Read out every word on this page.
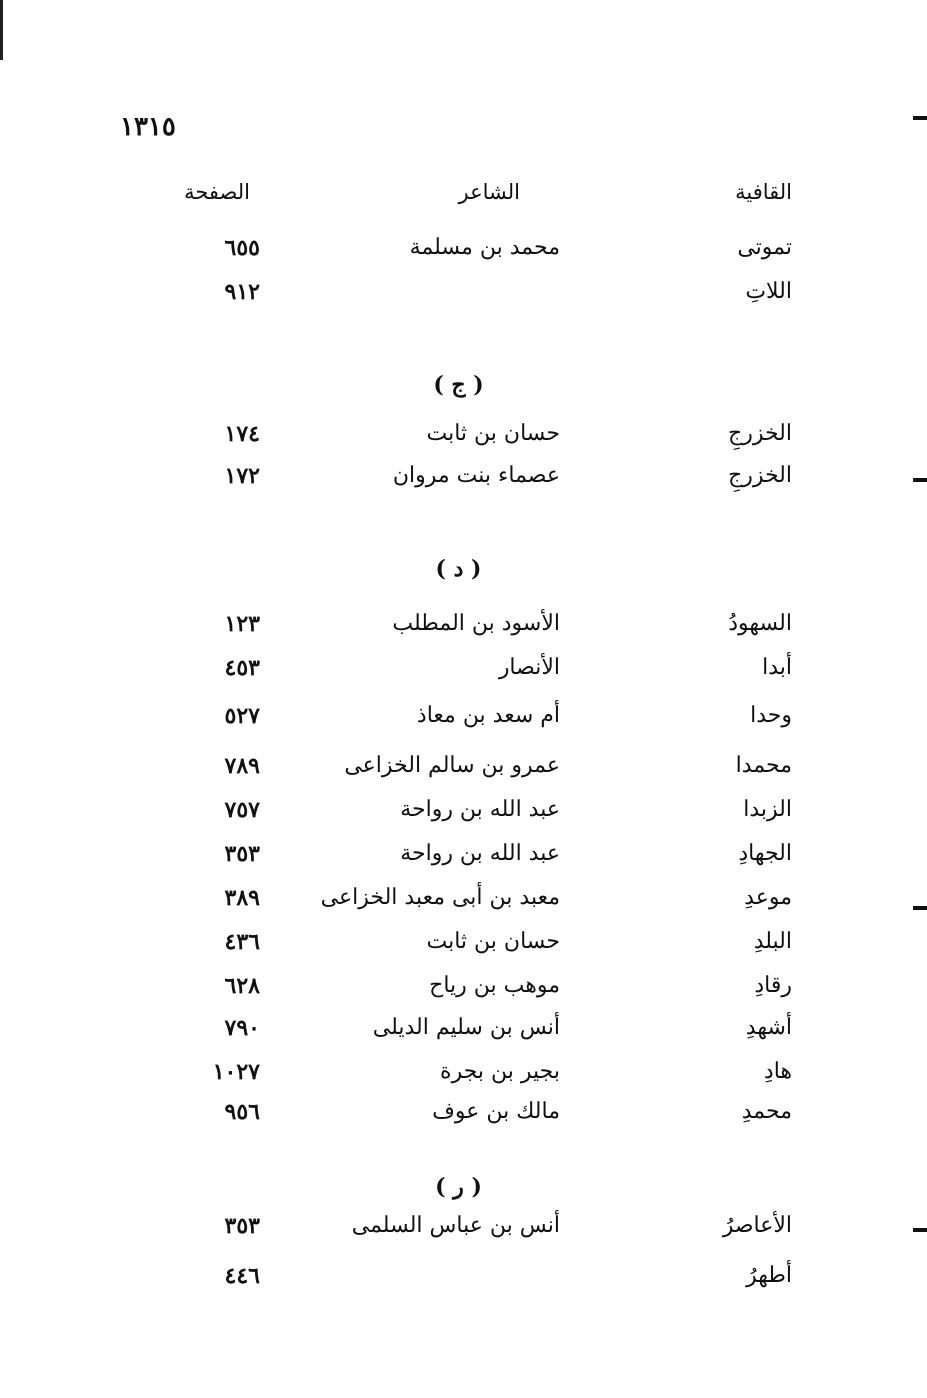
١٣١٥
القافية
الشاعر
الصفحة
تموتى
محمد بن مسلمة
٦٥٥
اللاتِ
٩١٢
( ج )
الخزرجِ
حسان بن ثابت
١٧٤
الخزرجِ
عصماء بنت مروان
١٧٢
( د )
السهودُ
الأسود بن المطلب
١٢٣
أبدا
الأنصار
٤٥٣
وحدا
أم سعد بن معاذ
٥٢٧
محمدا
عمرو بن سالم الخزاعى
٧٨٩
الزبدا
عبد الله بن رواحة
٧٥٧
الجهادِ
عبد الله بن رواحة
٣٥٣
موعدِ
معبد بن أبى معبد الخزاعى
٣٨٩
البلدِ
حسان بن ثابت
٤٣٦
رقادِ
موهب بن رياح
٦٢٨
أشهدِ
أنس بن سليم الديلى
٧٩٠
هادِ
بجير بن بجرة
١٠٢٧
محمدِ
مالك بن عوف
٩٥٦
( ر )
الأعاصرُ
أنس بن عباس السلمى
٣٥٣
أطهرُ
٤٤٦
